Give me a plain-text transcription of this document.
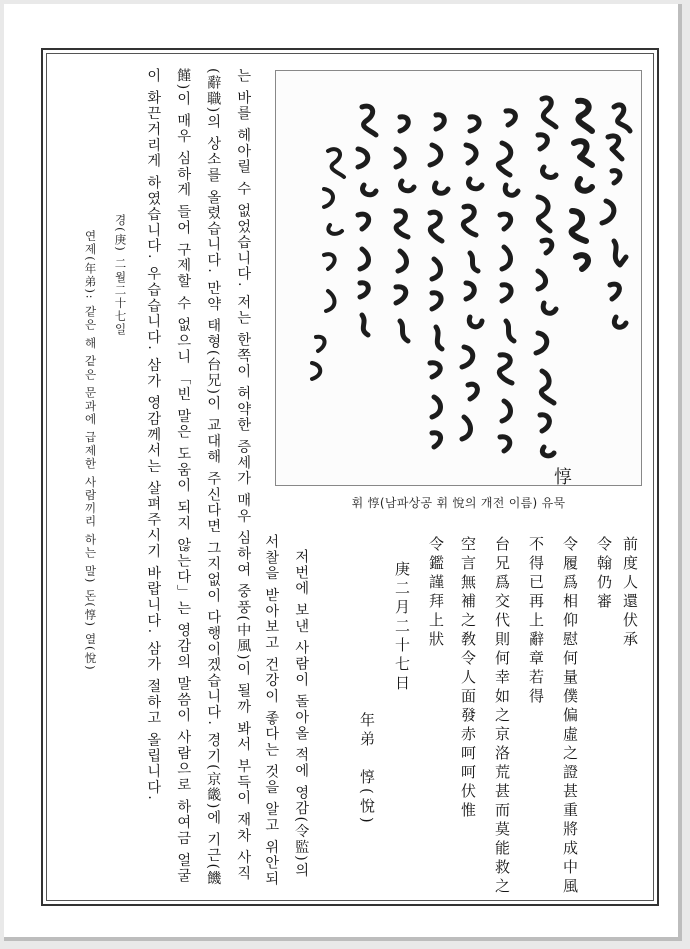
惇
휘 惇(남파상공 휘 悅의 개전 이름) 유묵
前度人還伏承
令翰仍審
令履爲相仰慰何量僕偏虛之證甚重將成中風
不得已再上辭章若得
台兄爲交代則何幸如之京洛荒甚而莫能救之
空言無補之敎令人面發赤呵呵伏惟
令鑑謹拜上狀
庚二月二十七日
年弟　惇(悅)
저번에 보낸 사람이 돌아올 적에 영감(令監)의
서찰을 받아보고 건강이 좋다는 것을 알고 위안되
는 바를 헤아릴 수 없었습니다. 저는 한쪽이 허약한 증세가 매우 심하여 중풍(中風)이 될까 봐서 부득이 재차 사직
(辭職)의 상소를 올렸습니다. 만약 태형(台兄)이 교대해 주신다면 그지없이 다행이겠습니다. 경기(京畿)에 기근(饑
饉)이 매우 심하게 들어 구제할 수 없으니 「빈 말은 도움이 되지 않는다」는 영감의 말씀이 사람으로 하여금 얼굴
이 화끈거리게 하였습니다. 우습습니다. 삼가 영감께서는 살펴주시기 바랍니다. 삼가 절하고 올립니다.
경(庚) 二월二十七일
연제(年弟): 같은 해 같은 문과에 급제한 사람끼리 하는 말) 돈(惇) 열(悅)
